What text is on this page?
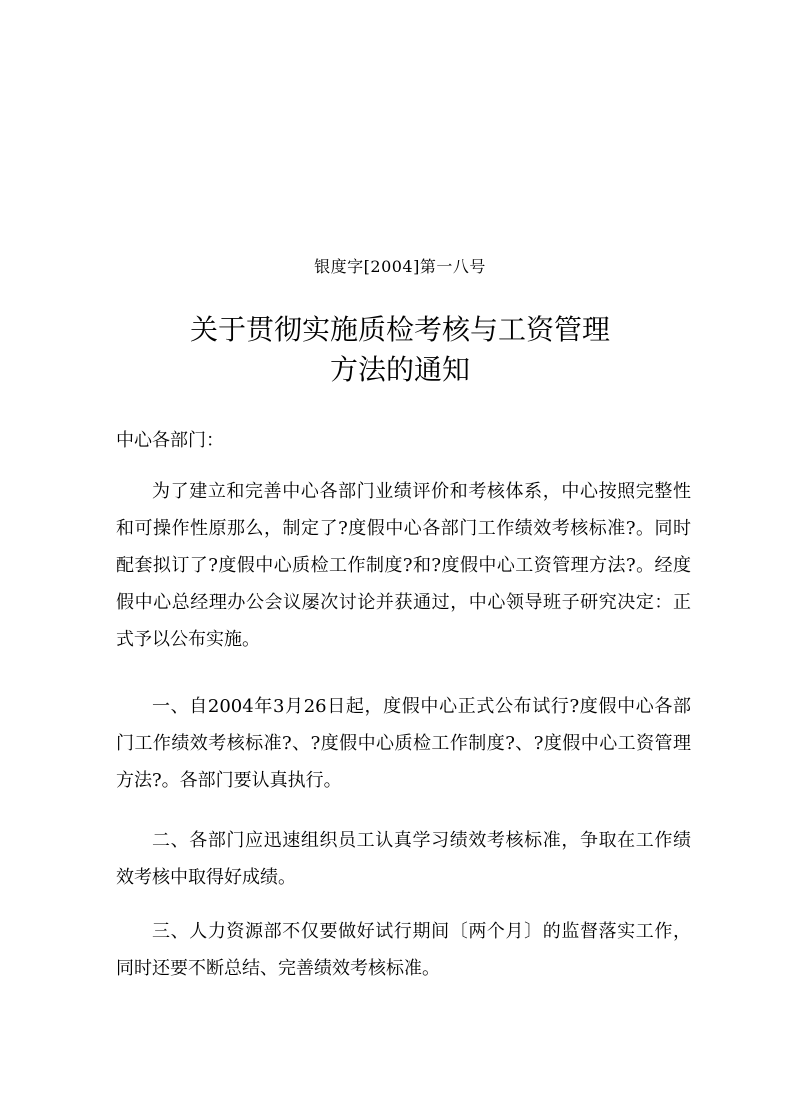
银度字[2004]第一八号
关于贯彻实施质检考核与工资管理
方法的通知
中心各部门：

为了建立和完善中心各部门业绩评价和考核体系，中心按照完整性和可操作性原那么，制定了?度假中心各部门工作绩效考核标准?。同时配套拟订了?度假中心质检工作制度?和?度假中心工资管理方法?。经度假中心总经理办公会议屡次讨论并获通过，中心领导班子研究决定：正式予以公布实施。

一、自2004年3月26日起，度假中心正式公布试行?度假中心各部门工作绩效考核标准?、?度假中心质检工作制度?、?度假中心工资管理方法?。各部门要认真执行。

二、各部门应迅速组织员工认真学习绩效考核标准，争取在工作绩效考核中取得好成绩。

三、人力资源部不仅要做好试行期间〔两个月〕的监督落实工作，同时还要不断总结、完善绩效考核标准。
